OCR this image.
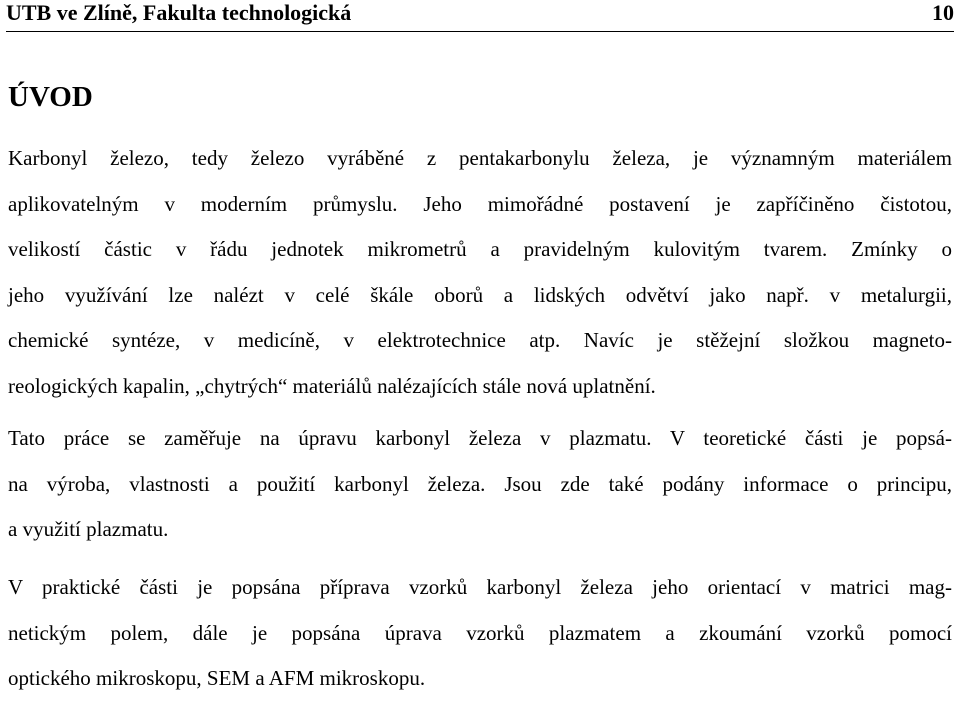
UTB ve Zlíně, Fakulta technologická	10
ÚVOD
Karbonyl železo, tedy železo vyráběné z pentakarbonylu železa, je významným materiálem
aplikovatelným v moderním průmyslu. Jeho mimořádné postavení je zapříčiněno čistotou,
velikostí částic v řádu jednotek mikrometrů a pravidelným kulovitým tvarem. Zmínky o
jeho využívání lze nalézt v celé škále oborů a lidských odvětví jako např. v metalurgii,
chemické syntéze, v medicíně, v elektrotechnice atp. Navíc je stěžejní složkou magneto-
reologických kapalin, „chytrých“ materiálů nalézajících stále nová uplatnění.
Tato práce se zaměřuje na úpravu karbonyl železa v plazmatu. V teoretické části je popsá-
na výroba, vlastnosti a použití karbonyl železa. Jsou zde také podány informace o principu,
a využití plazmatu.
V praktické části je popsána příprava vzorků karbonyl železa jeho orientací v matrici mag-
netickým polem, dále je popsána úprava vzorků plazmatem a zkoumání vzorků pomocí
optického mikroskopu, SEM a AFM mikroskopu.
